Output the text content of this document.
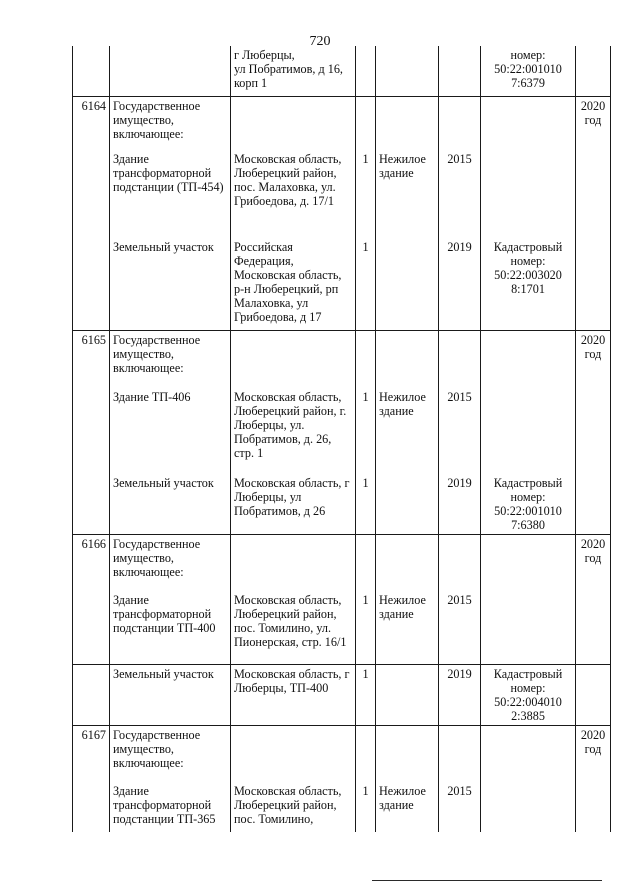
720
		г Люберцы,
ул Побратимов, д 16,
корп 1				номер:
50:22:001010
7:6379	
6164	Государственное имущество, включающее:						2020
год
	Здание трансформаторной подстанции (ТП-454)	Московская область, Люберецкий район, пос. Малаховка, ул. Грибоедова, д. 17/1	1	Нежилое здание	2015		
	Земельный участок	Российская Федерация, Московская область, р-н Люберецкий, рп Малаховка, ул Грибоедова, д 17	1		2019	Кадастровый номер: 50:22:003020 8:1701	
6165	Государственное имущество, включающее:						2020
год
	Здание ТП-406	Московская область, Люберецкий район, г. Люберцы, ул. Побратимов, д. 26, стр. 1	1	Нежилое здание	2015		
	Земельный участок	Московская область, г Люберцы, ул Побратимов, д 26	1		2019	Кадастровый номер: 50:22:001010 7:6380	
6166	Государственное имущество, включающее:						2020
год
	Здание трансформаторной подстанции ТП-400	Московская область, Люберецкий район, пос. Томилино, ул. Пионерская, стр. 16/1	1	Нежилое здание	2015		
	Земельный участок	Московская область, г Люберцы, ТП-400	1		2019	Кадастровый номер: 50:22:004010 2:3885	
6167	Государственное имущество, включающее:						2020
год
	Здание трансформаторной подстанции ТП-365	Московская область, Люберецкий район, пос. Томилино,	1	Нежилое здание	2015		
